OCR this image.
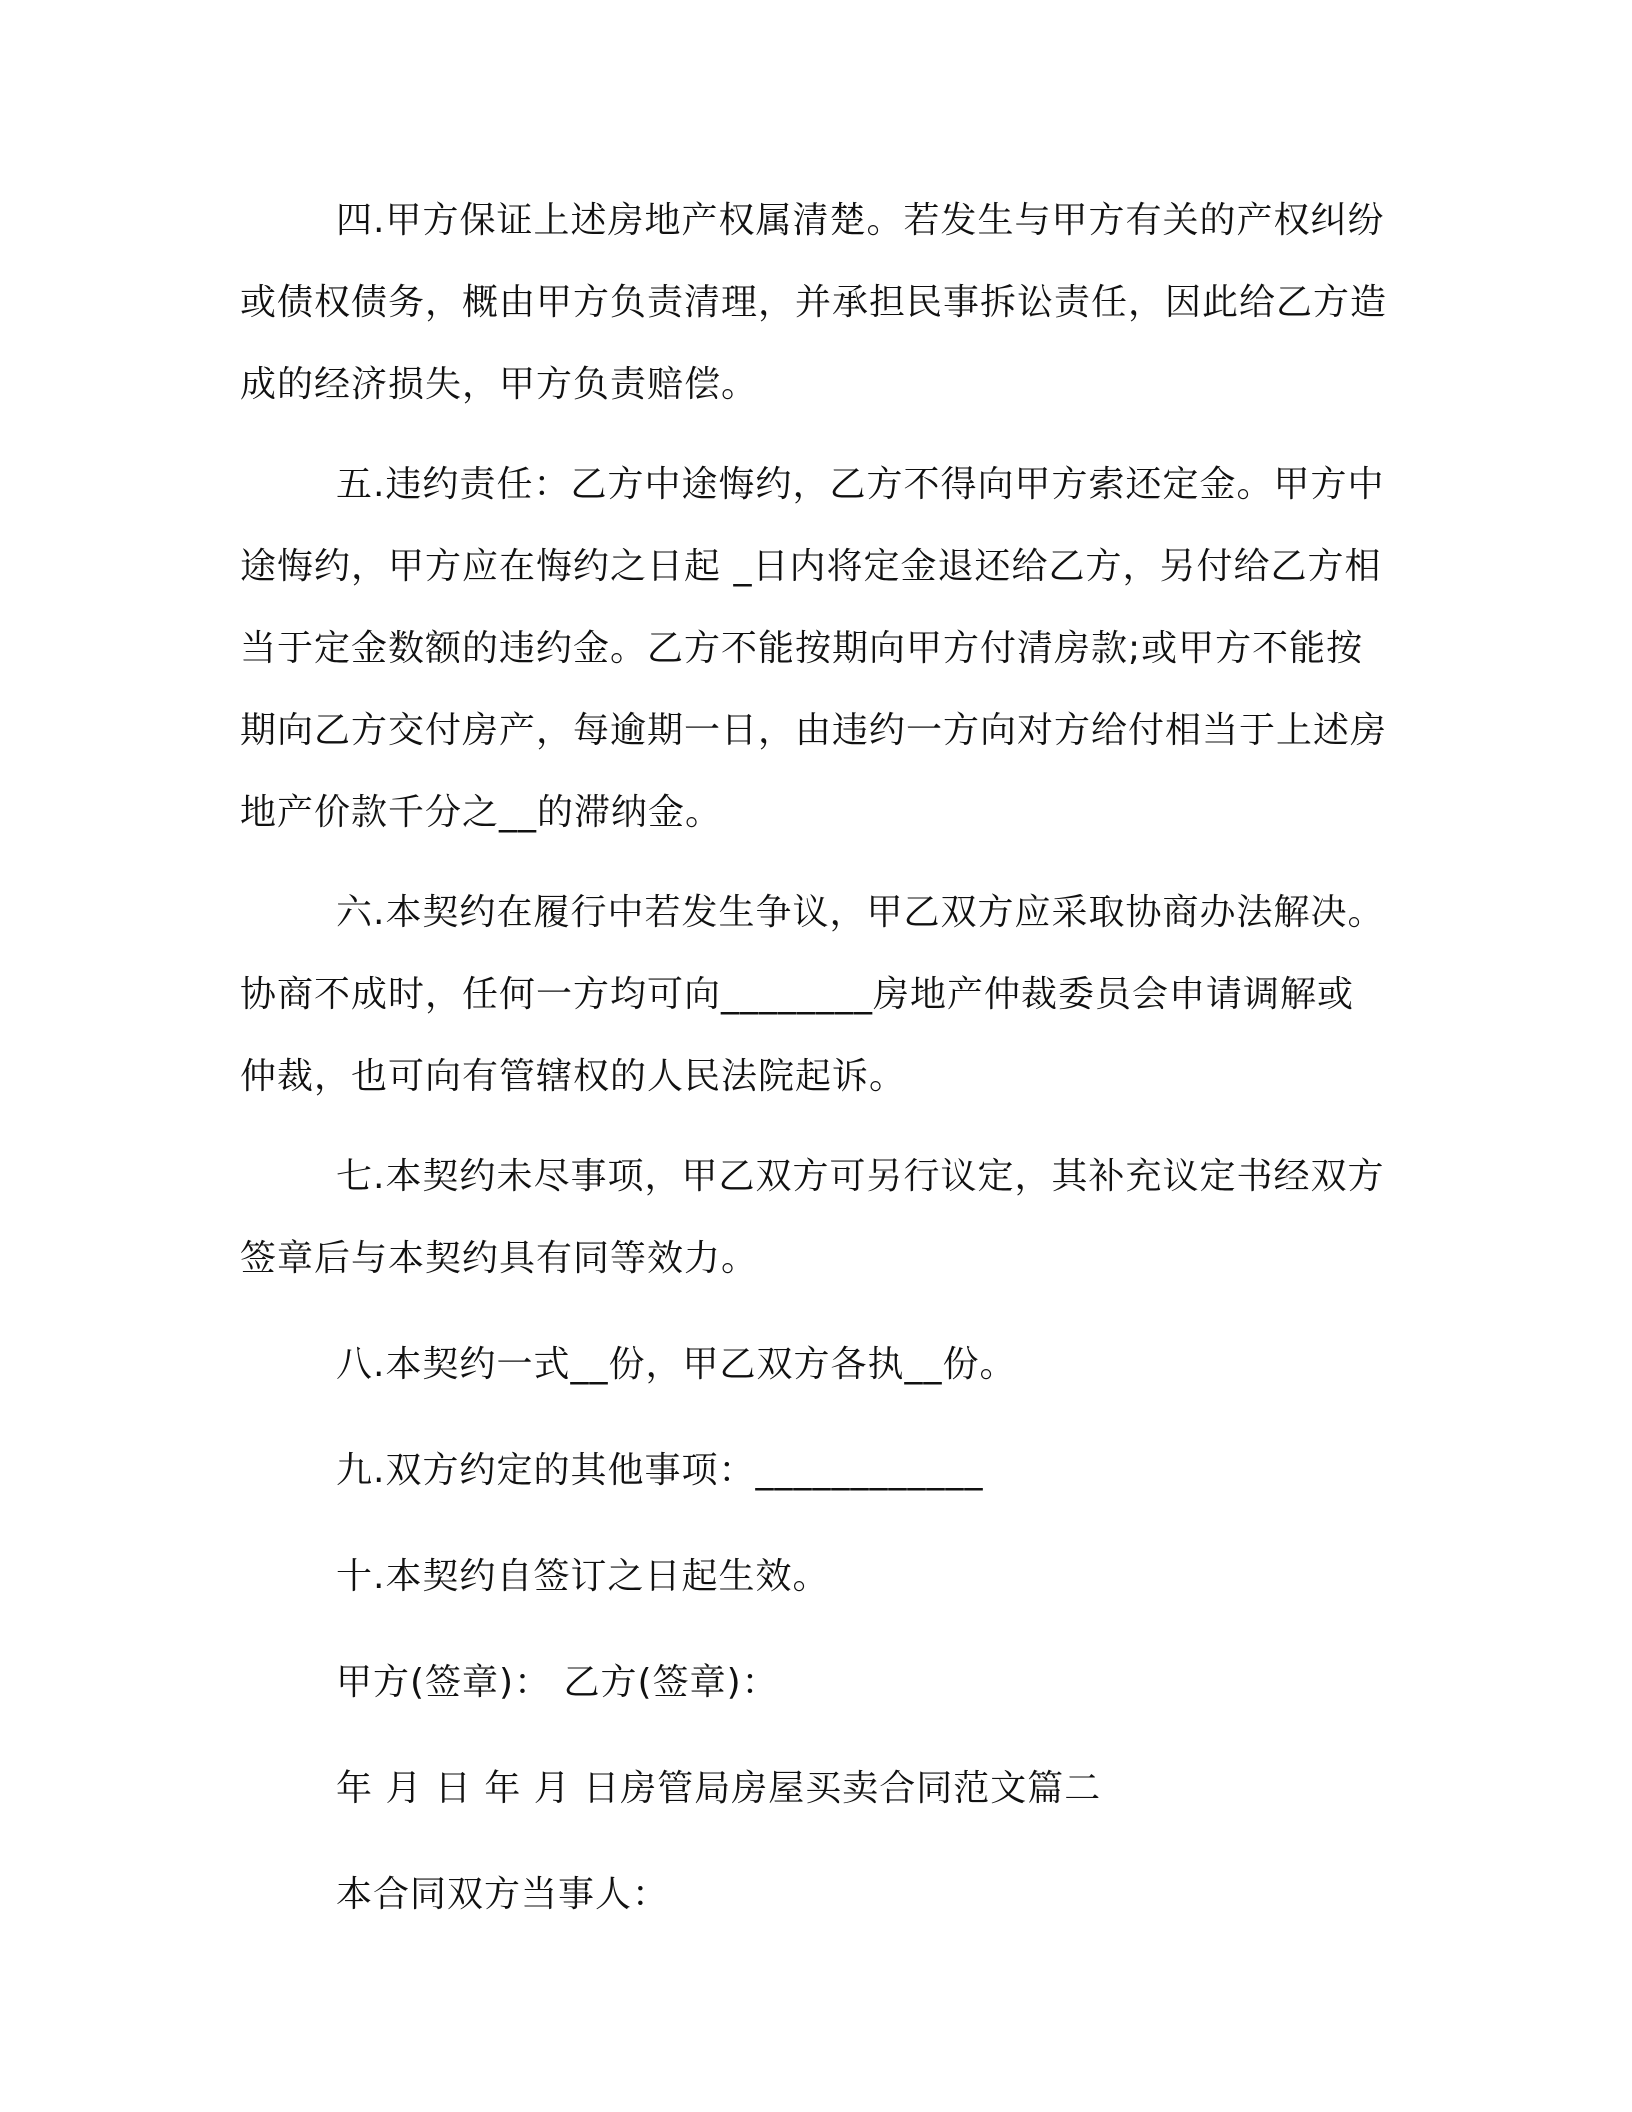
四.甲方保证上述房地产权属清楚。若发生与甲方有关的产权纠纷或债权债务，概由甲方负责清理，并承担民事拆讼责任，因此给乙方造成的经济损失，甲方负责赔偿。

五.违约责任：乙方中途悔约，乙方不得向甲方索还定金。甲方中途悔约，甲方应在悔约之日起 _日内将定金退还给乙方，另付给乙方相当于定金数额的违约金。乙方不能按期向甲方付清房款;或甲方不能按期向乙方交付房产，每逾期一日，由违约一方向对方给付相当于上述房地产价款千分之__的滞纳金。

六.本契约在履行中若发生争议，甲乙双方应采取协商办法解决。协商不成时，任何一方均可向________房地产仲裁委员会申请调解或仲裁，也可向有管辖权的人民法院起诉。

七.本契约未尽事项，甲乙双方可另行议定，其补充议定书经双方签章后与本契约具有同等效力。

八.本契约一式__份，甲乙双方各执__份。

九.双方约定的其他事项：____________

十.本契约自签订之日起生效。

甲方(签章)： 乙方(签章)：

年 月 日 年 月 日房管局房屋买卖合同范文篇二

本合同双方当事人：
